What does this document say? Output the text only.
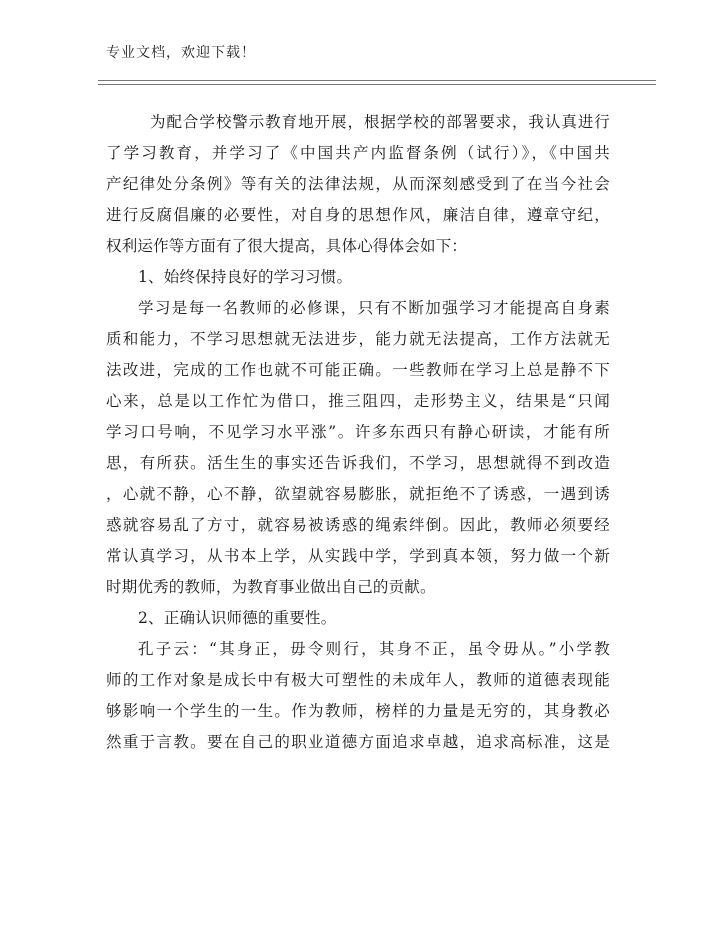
专业文档，欢迎下载！
为配合学校警示教育地开展，根据学校的部署要求，我认真进行
了学习教育，并学习了《中国共产内监督条例（试行）》，《中国共
产纪律处分条例》等有关的法律法规，从而深刻感受到了在当今社会
进行反腐倡廉的必要性，对自身的思想作风，廉洁自律，遵章守纪，
权利运作等方面有了很大提高，具体心得体会如下：
1、始终保持良好的学习习惯。
学习是每一名教师的必修课，只有不断加强学习才能提高自身素
质和能力，不学习思想就无法进步，能力就无法提高，工作方法就无
法改进，完成的工作也就不可能正确。一些教师在学习上总是静不下
心来，总是以工作忙为借口，推三阻四，走形势主义，结果是“只闻
学习口号响，不见学习水平涨”。许多东西只有静心研读，才能有所
思，有所获。活生生的事实还告诉我们，不学习，思想就得不到改造
，心就不静，心不静，欲望就容易膨胀，就拒绝不了诱惑，一遇到诱
惑就容易乱了方寸，就容易被诱惑的绳索绊倒。因此，教师必须要经
常认真学习，从书本上学，从实践中学，学到真本领，努力做一个新
时期优秀的教师，为教育事业做出自己的贡献。
2、正确认识师德的重要性。
孔子云：“其身正，毋令则行，其身不正，虽令毋从。”小学教
师的工作对象是成长中有极大可塑性的未成年人，教师的道德表现能
够影响一个学生的一生。作为教师，榜样的力量是无穷的，其身教必
然重于言教。要在自己的职业道德方面追求卓越，追求高标准，这是
